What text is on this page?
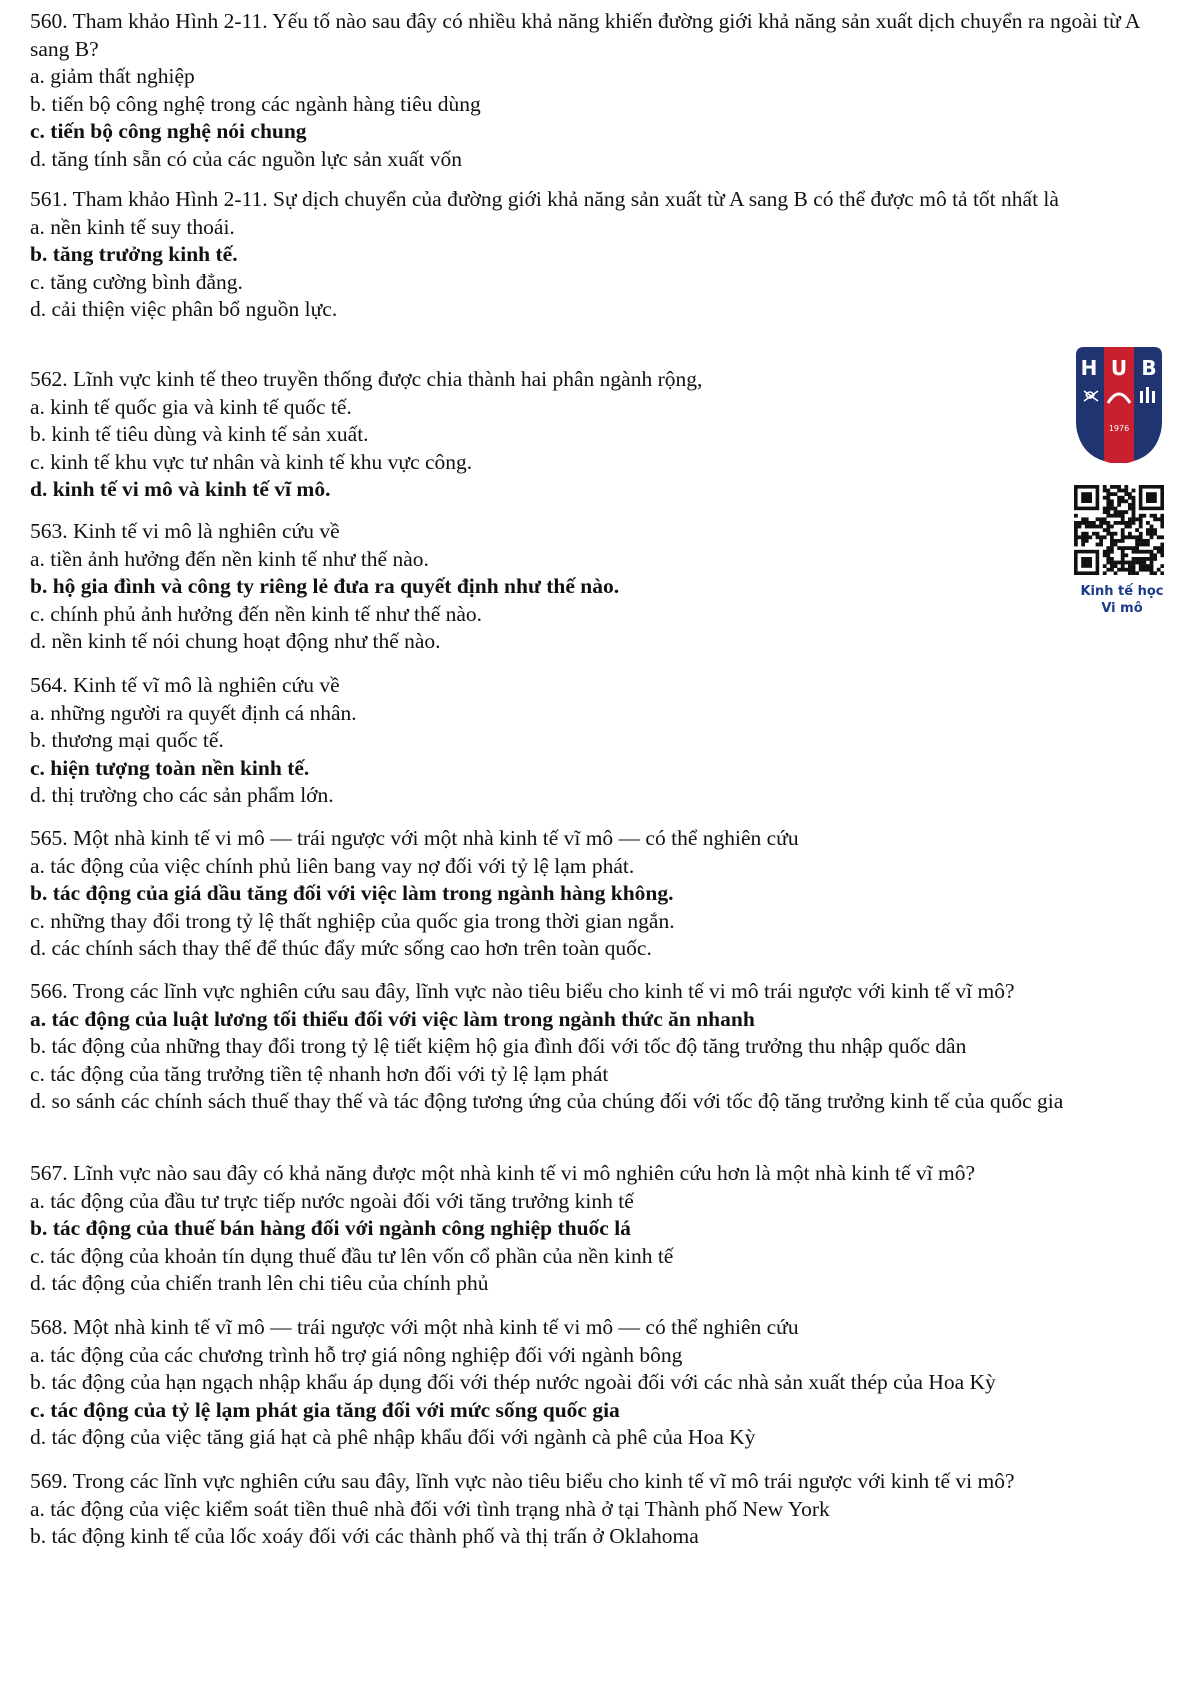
560. Tham khảo Hình 2-11. Yếu tố nào sau đây có nhiều khả năng khiến đường giới khả năng sản xuất dịch chuyển ra ngoài từ A sang B?

a. giảm thất nghiệp

b. tiến bộ công nghệ trong các ngành hàng tiêu dùng

c. tiến bộ công nghệ nói chung

d. tăng tính sẵn có của các nguồn lực sản xuất vốn

561. Tham khảo Hình 2-11. Sự dịch chuyển của đường giới khả năng sản xuất từ A sang B có thể được mô tả tốt nhất là

a. nền kinh tế suy thoái.

b. tăng trưởng kinh tế.

c. tăng cường bình đẳng.

d. cải thiện việc phân bổ nguồn lực.

562. Lĩnh vực kinh tế theo truyền thống được chia thành hai phân ngành rộng,

a. kinh tế quốc gia và kinh tế quốc tế.

b. kinh tế tiêu dùng và kinh tế sản xuất.

c. kinh tế khu vực tư nhân và kinh tế khu vực công.

d. kinh tế vi mô và kinh tế vĩ mô.

563. Kinh tế vi mô là nghiên cứu về

a. tiền ảnh hưởng đến nền kinh tế như thế nào.

b. hộ gia đình và công ty riêng lẻ đưa ra quyết định như thế nào.

c. chính phủ ảnh hưởng đến nền kinh tế như thế nào.

d. nền kinh tế nói chung hoạt động như thế nào.

564. Kinh tế vĩ mô là nghiên cứu về

a. những người ra quyết định cá nhân.

b. thương mại quốc tế.

c. hiện tượng toàn nền kinh tế.

d. thị trường cho các sản phẩm lớn.

565. Một nhà kinh tế vi mô — trái ngược với một nhà kinh tế vĩ mô — có thể nghiên cứu

a. tác động của việc chính phủ liên bang vay nợ đối với tỷ lệ lạm phát.

b. tác động của giá dầu tăng đối với việc làm trong ngành hàng không.

c. những thay đổi trong tỷ lệ thất nghiệp của quốc gia trong thời gian ngắn.

d. các chính sách thay thế để thúc đẩy mức sống cao hơn trên toàn quốc.

566. Trong các lĩnh vực nghiên cứu sau đây, lĩnh vực nào tiêu biểu cho kinh tế vi mô trái ngược với kinh tế vĩ mô?

a. tác động của luật lương tối thiểu đối với việc làm trong ngành thức ăn nhanh

b. tác động của những thay đổi trong tỷ lệ tiết kiệm hộ gia đình đối với tốc độ tăng trưởng thu nhập quốc dân

c. tác động của tăng trưởng tiền tệ nhanh hơn đối với tỷ lệ lạm phát

d. so sánh các chính sách thuế thay thế và tác động tương ứng của chúng đối với tốc độ tăng trưởng kinh tế của quốc gia

567. Lĩnh vực nào sau đây có khả năng được một nhà kinh tế vi mô nghiên cứu hơn là một nhà kinh tế vĩ mô?

a. tác động của đầu tư trực tiếp nước ngoài đối với tăng trưởng kinh tế

b. tác động của thuế bán hàng đối với ngành công nghiệp thuốc lá

c. tác động của khoản tín dụng thuế đầu tư lên vốn cổ phần của nền kinh tế

d. tác động của chiến tranh lên chi tiêu của chính phủ

568. Một nhà kinh tế vĩ mô — trái ngược với một nhà kinh tế vi mô — có thể nghiên cứu

a. tác động của các chương trình hỗ trợ giá nông nghiệp đối với ngành bông

b. tác động của hạn ngạch nhập khẩu áp dụng đối với thép nước ngoài đối với các nhà sản xuất thép của Hoa Kỳ

c. tác động của tỷ lệ lạm phát gia tăng đối với mức sống quốc gia

d. tác động của việc tăng giá hạt cà phê nhập khẩu đối với ngành cà phê của Hoa Kỳ

569. Trong các lĩnh vực nghiên cứu sau đây, lĩnh vực nào tiêu biểu cho kinh tế vĩ mô trái ngược với kinh tế vi mô?

a. tác động của việc kiểm soát tiền thuê nhà đối với tình trạng nhà ở tại Thành phố New York

b. tác động kinh tế của lốc xoáy đối với các thành phố và thị trấn ở Oklahoma

H U B
1976
Kinh tế học
Vi mô
